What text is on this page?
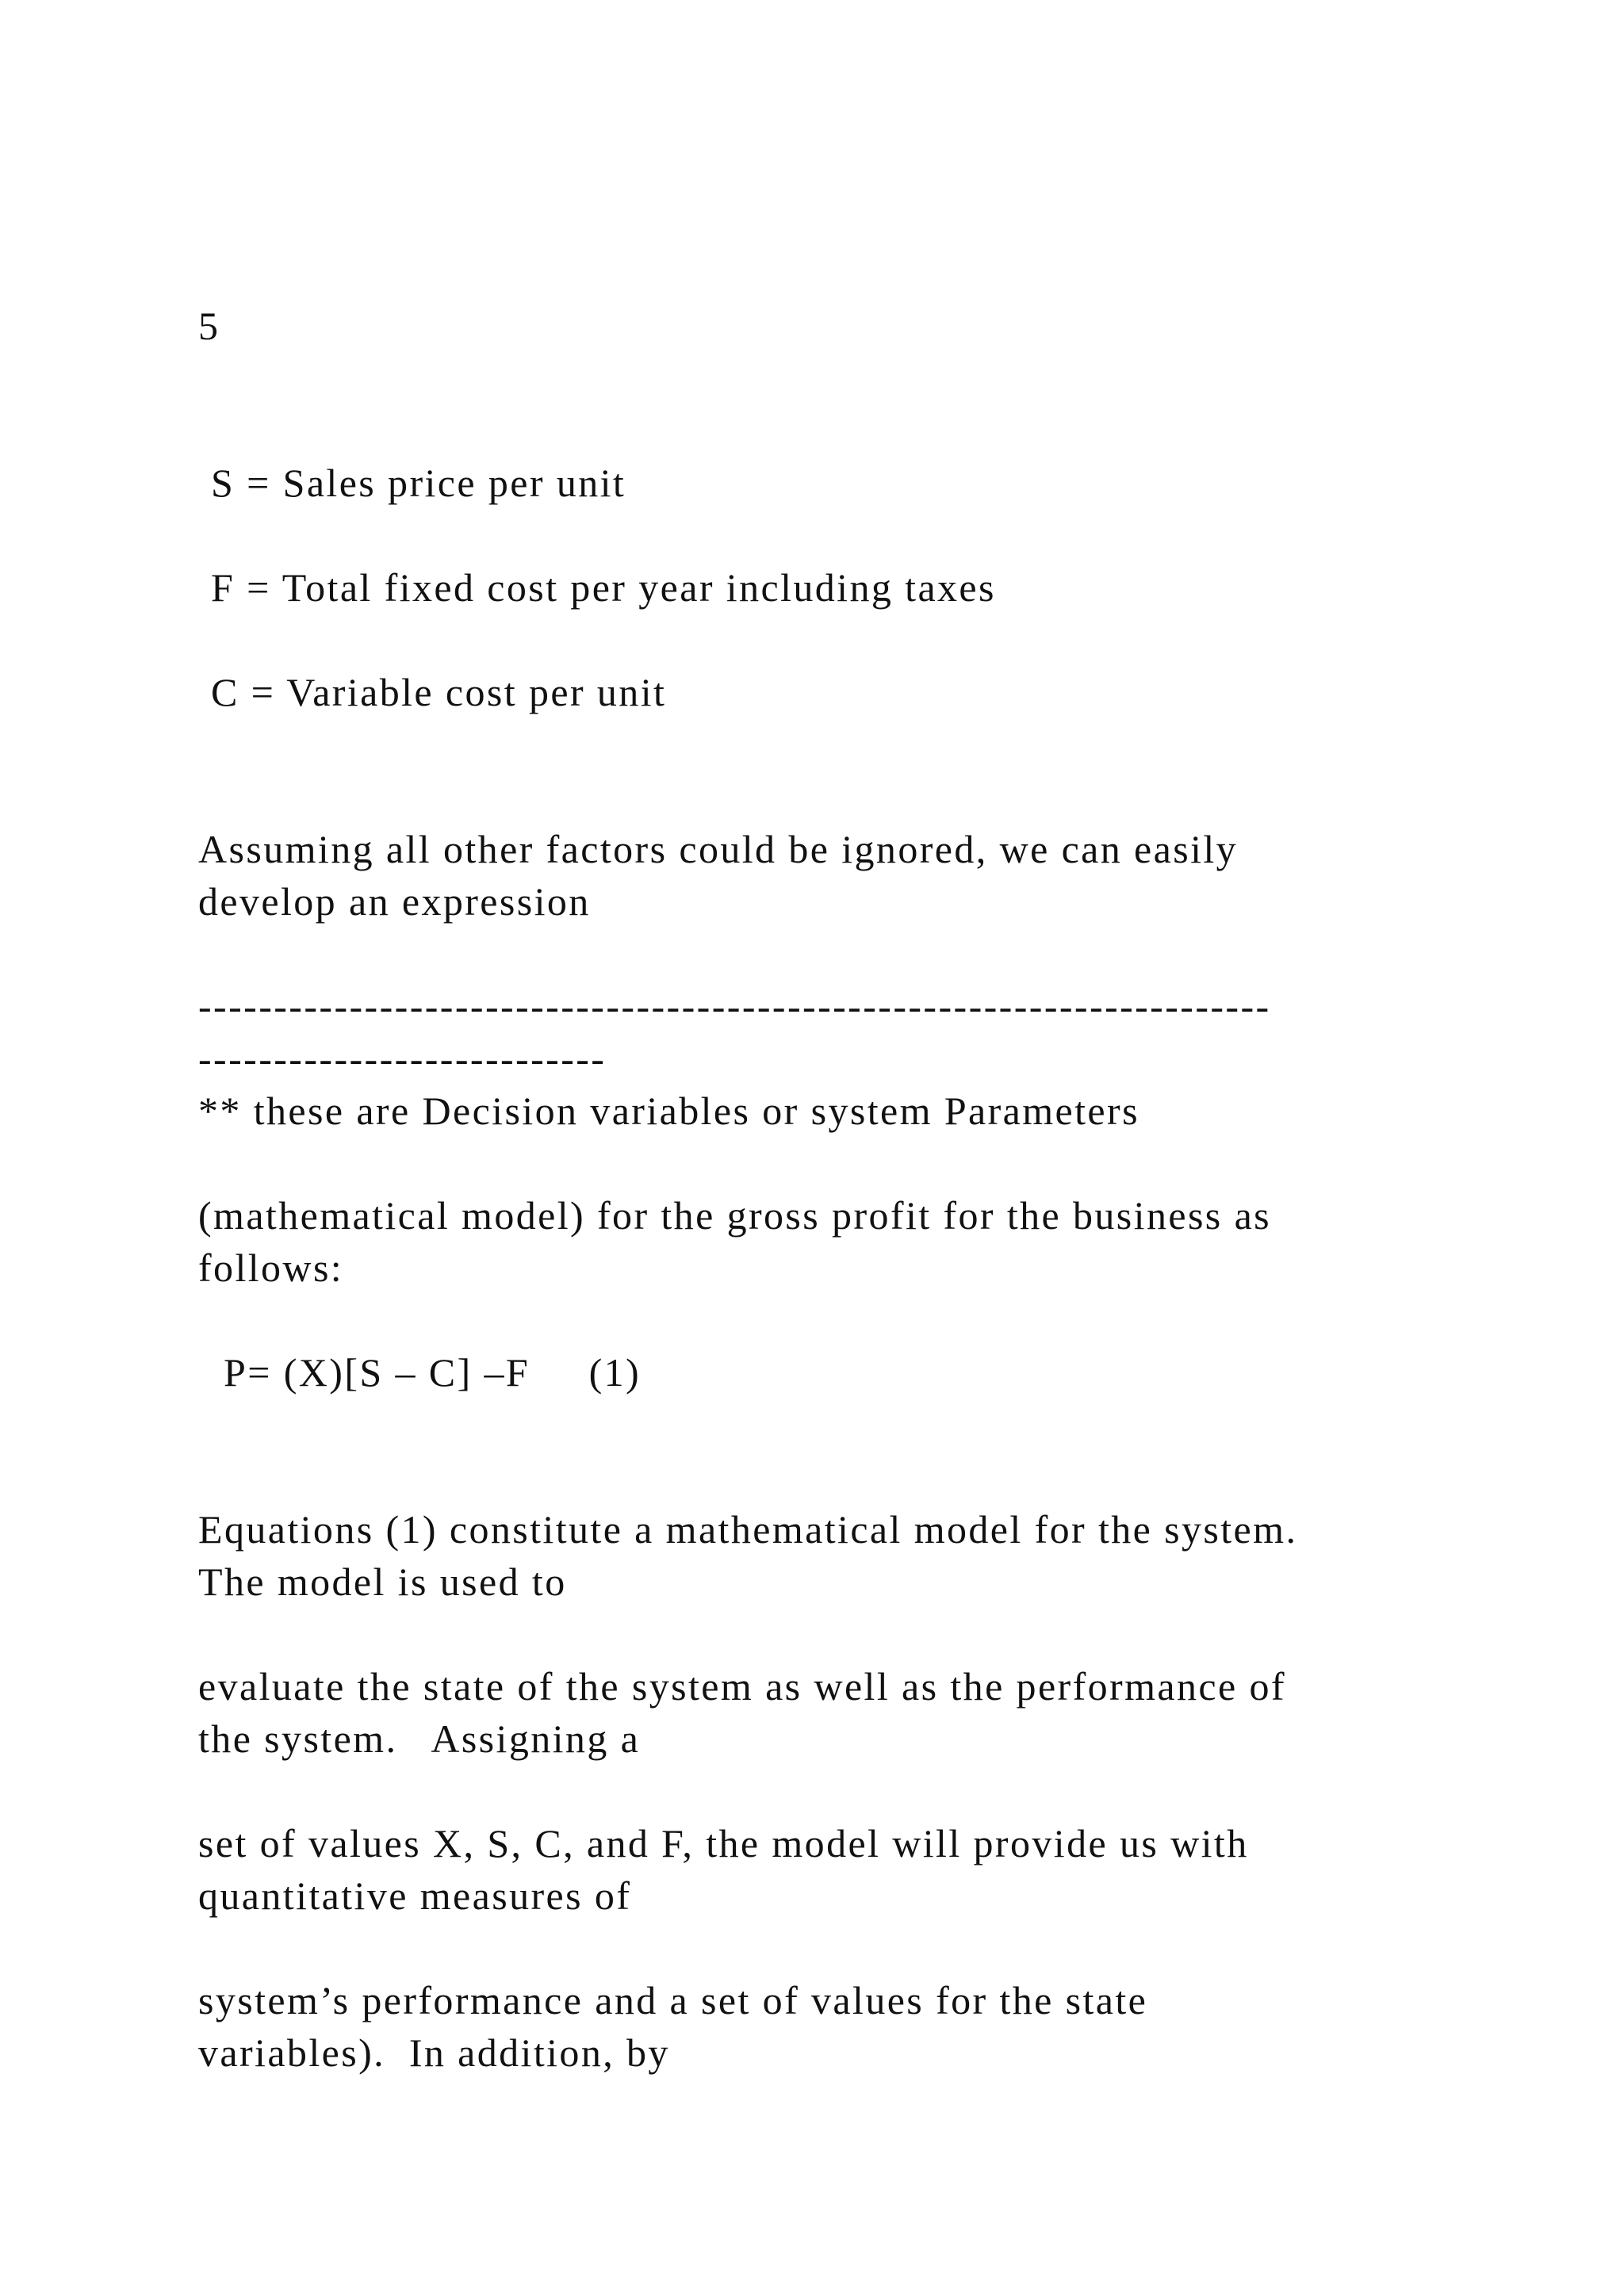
5
S = Sales price per unit
F = Total fixed cost per year including taxes
C = Variable cost per unit
Assuming all other factors could be ignored, we can easily
develop an expression
-----------------------------------------------------------------------
---------------------------
** these are Decision variables or system Parameters
(mathematical model) for the gross profit for the business as
follows:
P= (X)[S – C] –F     (1)
Equations (1) constitute a mathematical model for the system.
The model is used to
evaluate the state of the system as well as the performance of
the system.   Assigning a
set of values X, S, C, and F, the model will provide us with
quantitative measures of
system’s performance and a set of values for the state
variables).  In addition, by
